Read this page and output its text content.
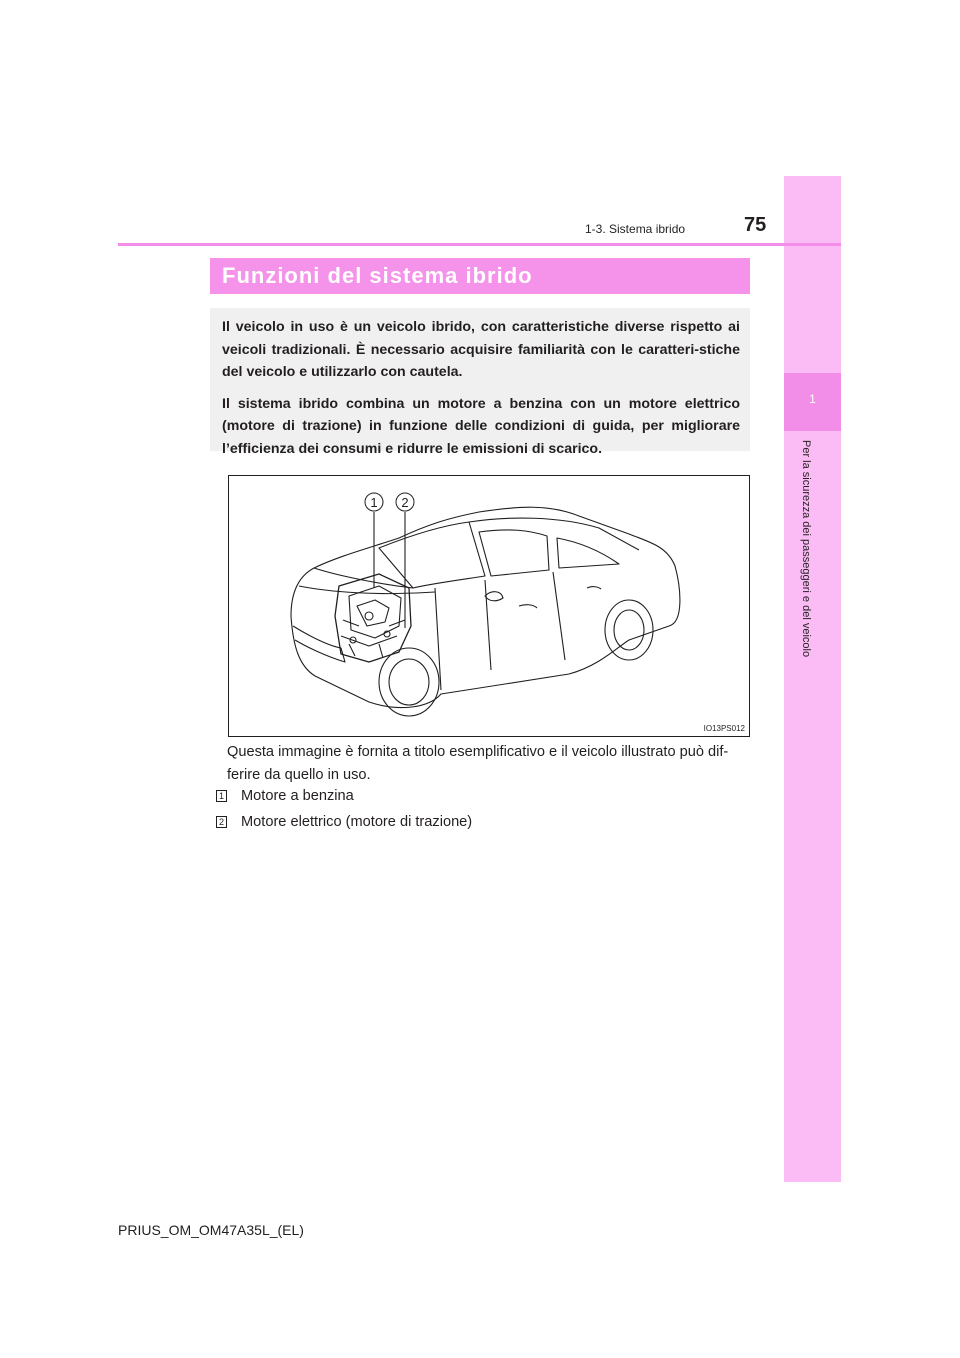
1
Per la sicurezza dei passeggeri e del veicolo
1-3. Sistema ibrido	75
Funzioni del sistema ibrido

Il veicolo in uso è un veicolo ibrido, con caratteristiche diverse rispetto ai veicoli tradizionali. È necessario acquisire familiarità con le caratteri-stiche del veicolo e utilizzarlo con cautela.

Il sistema ibrido combina un motore a benzina con un motore elettrico (motore di trazione) in funzione delle condizioni di guida, per migliorare l’efficienza dei consumi e ridurre le emissioni di scarico.

1 2
IO13PS012
Questa immagine è fornita a titolo esemplificativo e il veicolo illustrato può dif-ferire da quello in uso.
1 Motore a benzina
2 Motore elettrico (motore di trazione)
PRIUS_OM_OM47A35L_(EL)
